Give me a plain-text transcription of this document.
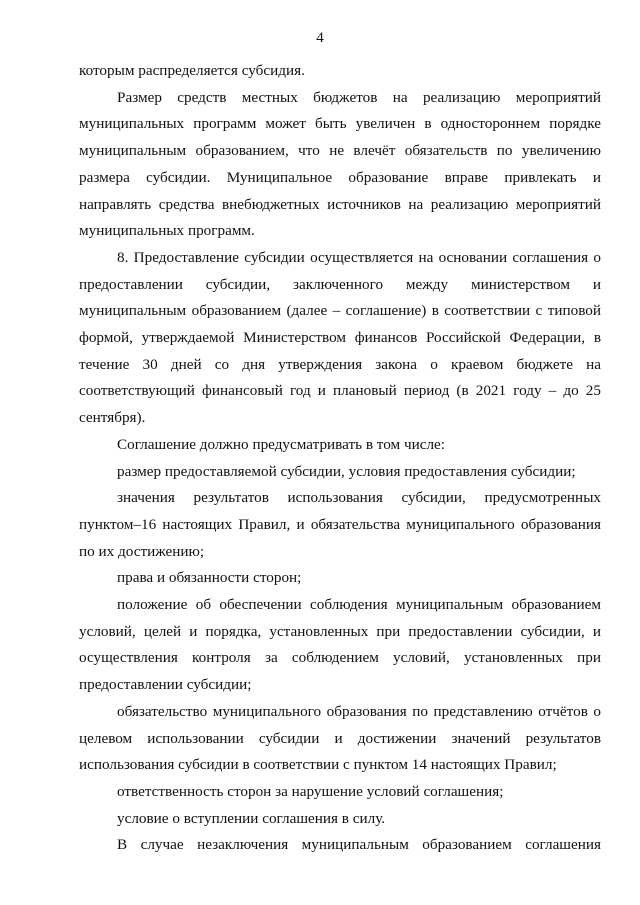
4

которым распределяется субсидия.

Размер средств местных бюджетов на реализацию мероприятий муниципальных программ может быть увеличен в одностороннем порядке муниципальным образованием, что не влечёт обязательств по увеличению размера субсидии. Муниципальное образование вправе привлекать и направлять средства внебюджетных источников на реализацию мероприятий муниципальных программ.

8. Предоставление субсидии осуществляется на основании соглашения о предоставлении субсидии, заключенного между министерством и муниципальным образованием (далее – соглашение) в соответствии с типовой формой, утверждаемой Министерством финансов Российской Федерации, в течение 30 дней со дня утверждения закона о краевом бюджете на соответствующий финансовый год и плановый период (в 2021 году – до 25 сентября).

Соглашение должно предусматривать в том числе:

размер предоставляемой субсидии, условия предоставления субсидии;

значения результатов использования субсидии, предусмотренных пунктом–16 настоящих Правил, и обязательства муниципального образования по их достижению;

права и обязанности сторон;

положение об обеспечении соблюдения муниципальным образованием условий, целей и порядка, установленных при предоставлении субсидии, и осуществления контроля за соблюдением условий, установленных при предоставлении субсидии;

обязательство муниципального образования по представлению отчётов о целевом использовании субсидии и достижении значений результатов использования субсидии в соответствии с пунктом 14 настоящих Правил;

ответственность сторон за нарушение условий соглашения;

условие о вступлении соглашения в силу.

В случае незаключения муниципальным образованием соглашения
